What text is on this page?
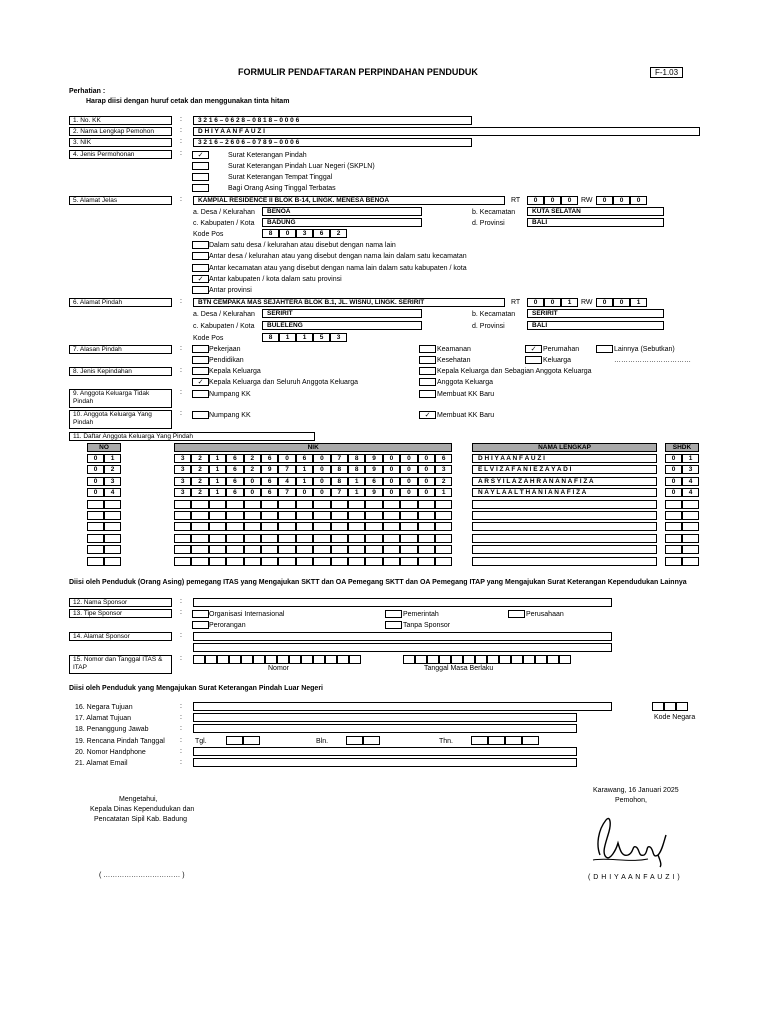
FORMULIR PENDAFTARAN PERPINDAHAN PENDUDUK	F-1.03
Perhatian :
Harap diisi dengan huruf cetak dan menggunakan tinta hitam
1. No. KK	:	3 2 1 6 – 0 6 2 8 – 0 8 1 8 – 0 0 0 6
2. Nama Lengkap Pemohon	:	D H I Y A A N F A U Z I
3. NIK	:	3 2 1 6 – 2 6 0 6 – 0 7 8 9 – 0 0 0 6
4. Jenis Permohonan	:	✓	Surat Keterangan Pindah
Surat Keterangan Pindah Luar Negeri (SKPLN)
Surat Keterangan Tempat Tinggal
Bagi Orang Asing Tinggal Terbatas
5. Alamat Jelas	:	KAMPIAL RESIDENCE II BLOK B-14, LINGK. MENESA BENOA	RT	0	0	0	RW	0	0	0
a. Desa / Kelurahan	BENOA	b. Kecamatan	KUTA SELATAN
c. Kabupaten / Kota	BADUNG	d. Provinsi	BALI
Kode Pos	8	0	3	6	2
Dalam satu desa / kelurahan atau disebut dengan nama lain
Antar desa / kelurahan atau yang disebut dengan nama lain dalam satu kecamatan
Antar kecamatan atau yang disebut dengan nama lain dalam satu kabupaten / kota
✓ Antar kabupaten / kota dalam satu provinsi
Antar provinsi
6. Alamat Pindah	:	BTN CEMPAKA MAS SEJAHTERA BLOK B.1, JL. WISNU, LINGK. SERIRIT	RT	0	0	1	RW	0	0	1
a. Desa / Kelurahan	SERIRIT	b. Kecamatan	SERIRIT
c. Kabupaten / Kota	BULELENG	d. Provinsi	BALI
Kode Pos	8	1	1	5	3
7. Alasan Pindah	:	Pekerjaan	Keamanan	✓ Perumahan	Lainnya (Sebutkan)
Pendidikan	Kesehatan	Keluarga	……………………………
8. Jenis Kepindahan	:	Kepala Keluarga	Kepala Keluarga dan Sebagian Anggota Keluarga
✓ Kepala Keluarga dan Seluruh Anggota Keluarga	Anggota Keluarga
9. Anggota Keluarga Tidak Pindah
:	Numpang KK	Membuat KK Baru
10. Anggota Keluarga Yang Pindah
:	Numpang KK	✓ Membuat KK Baru
11. Daftar Anggota Keluarga Yang Pindah
NO	NIK	NAMA LENGKAP	SHDK
0	1	3	2	1	6	2	6	0	6	0	7	8	9	0	0	0	6	D H I Y A A N F A U Z I	0	1
0	2	3	2	1	6	2	9	7	1	0	8	8	9	0	0	0	3	E L V I Z A F A N I E Z A Y A D I	0	3
0	3	3	2	1	6	0	6	4	1	0	8	1	6	0	0	0	2	A R S Y I L A Z A H R A N A N A F I Z A	0	4
0	4	3	2	1	6	0	6	7	0	0	7	1	9	0	0	0	1	N A Y L A A L T H A N I A N A F I Z A	0	4
Diisi oleh Penduduk (Orang Asing) pemegang ITAS yang Mengajukan SKTT dan OA Pemegang SKTT dan OA Pemegang ITAP yang Mengajukan Surat Keterangan Kependudukan Lainnya
12. Nama Sponsor	:
13. Tipe Sponsor	:	Organisasi Internasional	Pemerintah	Perusahaan
Perorangan	Tanpa Sponsor
14. Alamat Sponsor	:
15. Nomor dan Tanggal ITAS & ITAP
:
Nomor	Tanggal Masa Berlaku
Diisi oleh Penduduk yang Mengajukan Surat Keterangan Pindah Luar Negeri
16. Negara Tujuan	:
Kode Negara
17. Alamat Tujuan	:
18. Penanggung Jawab	:
19. Rencana Pindah Tanggal : Tgl.	Bln.	Thn.
20. Nomor Handphone	:
21. Alamat Email	:
Mengetahui,
Kepala Dinas Kependudukan dan
Pencatatan Sipil Kab. Badung
( …………………………… )
Karawang, 16 Januari 2025
Pemohon,
( D H I Y A A N F A U Z I )
